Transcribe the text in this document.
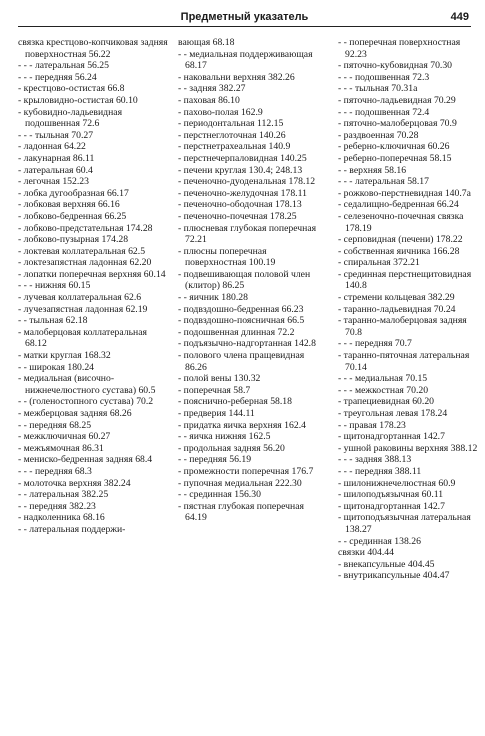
Предметный указатель	449
связка крестцово-копчиковая задняя поверхностная 56.22
- - - латеральная 56.25
- - - передняя 56.24
- крестцово-остистая 66.8
- крыловидно-остистая 60.10
- кубовидно-ладьевидная подошвенная 72.6
- - - тыльная 70.27
- ладонная 64.22
- лакунарная 86.11
- латеральная 60.4
- легочная 152.23
- лобка дугообразная 66.17
- лобковая верхняя 66.16
- лобково-бедренная 66.25
- лобково-предстательная 174.28
- лобково-пузырная 174.28
- локтевая коллатеральная 62.5
- локтезапястная ладонная 62.20
- лопатки поперечная верхняя 60.14
- - - нижняя 60.15
- лучевая коллатеральная 62.6
- лучезапястная ладонная 62.19
- - тыльная 62.18
- малоберцовая коллатеральная 68.12
- матки круглая 168.32
- - широкая 180.24
- медиальная (височно-нижнечелюстного сустава) 60.5
- - (голеностопного сустава) 70.2
- межберцовая задняя 68.26
- - передняя 68.25
- межключичная 60.27
- межъямочная 86.31
- мениско-бедренная задняя 68.4
- - - передняя 68.3
- молоточка верхняя 382.24
- - латеральная 382.25
- - передняя 382.23
- надколенника 68.16
- - латеральная поддержи-
вающая 68.18
- - медиальная поддерживающая 68.17
- наковальни верхняя 382.26
- - задняя 382.27
- паховая 86.10
- пахово-полая 162.9
- периодонтальная 112.15
- перстнеглоточная 140.26
- перстнетрахеальная 140.9
- перстнечерпаловидная 140.25
- печени круглая 130.4; 248.13
- печеночно-дуоденальная 178.12
- печеночно-желудочная 178.11
- печеночно-ободочная 178.13
- печеночно-почечная 178.25
- плюсневая глубокая поперечная 72.21
- плюсны поперечная поверхностная 100.19
- подвешивающая половой член (клитор) 86.25
- - яичник 180.28
- подвздошно-бедренная 66.23
- подвздошно-поясничная 66.5
- подошвенная длинная 72.2
- подъязычно-надгортанная 142.8
- полового члена пращевидная 86.26
- полой вены 130.32
- поперечная 58.7
- пояснично-реберная 58.18
- предверия 144.11
- придатка яичка верхняя 162.4
- - яичка нижняя 162.5
- продольная задняя 56.20
- - передняя 56.19
- промежности поперечная 176.7
- пупочная медиальная 222.30
- - срединная 156.30
- пястная глубокая поперечная 64.19
- - поперечная поверхностная 92.23
- пяточно-кубовидная 70.30
- - - подошвенная 72.3
- - - тыльная 70.31а
- пяточно-ладьевидная 70.29
- - - подошвенная 72.4
- пяточно-малоберцовая 70.9
- раздвоенная 70.28
- реберно-ключичная 60.26
- реберно-поперечная 58.15
- - верхняя 58.16
- - - латеральная 58.17
- рожково-перстневидная 140.7а
- седалищно-бедренная 66.24
- селезеночно-почечная связка 178.19
- серповидная (печени) 178.22
- собственная яичника 166.28
- спиральная 372.21
- срединная перстнещитовидная 140.8
- стремени кольцевая 382.29
- таранно-ладьевидная 70.24
- таранно-малоберцовая задняя 70.8
- - - передняя 70.7
- таранно-пяточная латеральная 70.14
- - - медиальная 70.15
- - - межкостная 70.20
- трапециевидная 60.20
- треугольная левая 178.24
- - правая 178.23
- щитонадгортанная 142.7
- ушной раковины верхняя 388.12
- - - задняя 388.13
- - - передняя 388.11
- шилонижнечелюстная 60.9
- шилоподъязычная 60.11
- щитонадгортанная 142.7
- щитоподъязычная латеральная 138.27
- - срединная 138.26
связки 404.44
- внекапсульные 404.45
- внутрикапсульные 404.47
